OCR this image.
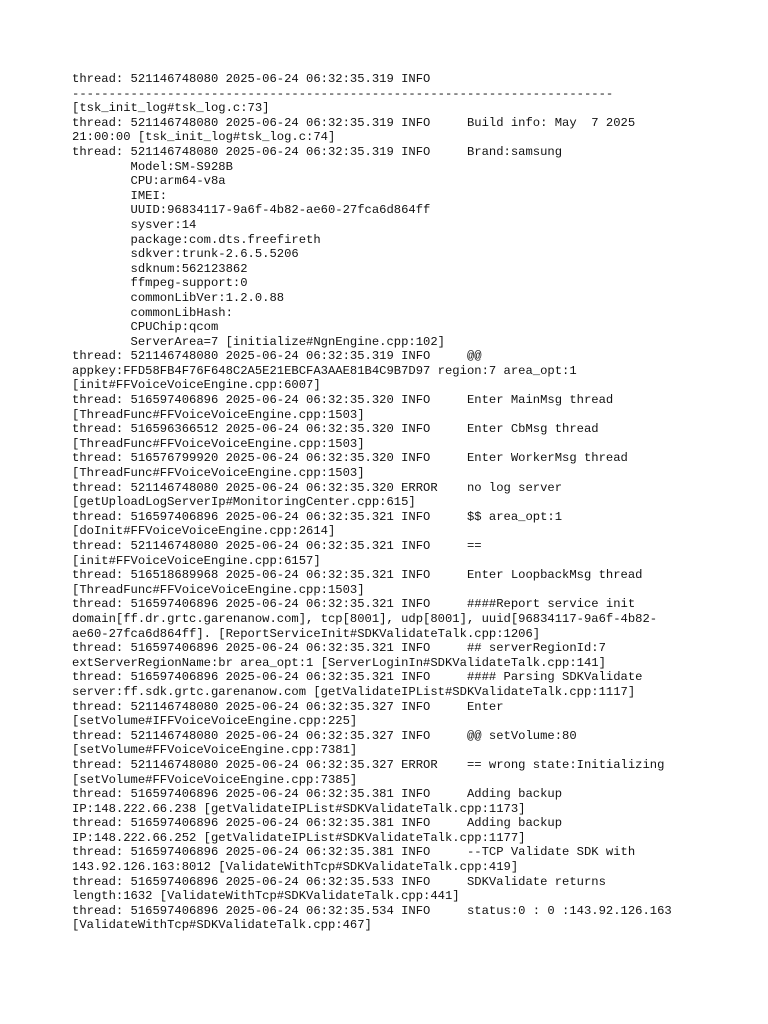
thread: 521146748080 2025-06-24 06:32:35.319 INFO
--------------------------------------------------------------------------
[tsk_init_log#tsk_log.c:73]
thread: 521146748080 2025-06-24 06:32:35.319 INFO     Build info: May  7 2025
21:00:00 [tsk_init_log#tsk_log.c:74]
thread: 521146748080 2025-06-24 06:32:35.319 INFO     Brand:samsung
Model:SM-S928B
CPU:arm64-v8a
IMEI:
UUID:96834117-9a6f-4b82-ae60-27fca6d864ff
sysver:14
package:com.dts.freefireth
sdkver:trunk-2.6.5.5206
sdknum:562123862
ffmpeg-support:0
commonLibVer:1.2.0.88
commonLibHash:
CPUChip:qcom
ServerArea=7 [initialize#NgnEngine.cpp:102]
thread: 521146748080 2025-06-24 06:32:35.319 INFO     @@
appkey:FFD58FB4F76F648C2A5E21EBCFA3AAE81B4C9B7D97 region:7 area_opt:1
[init#FFVoiceVoiceEngine.cpp:6007]
thread: 516597406896 2025-06-24 06:32:35.320 INFO     Enter MainMsg thread
[ThreadFunc#FFVoiceVoiceEngine.cpp:1503]
thread: 516596366512 2025-06-24 06:32:35.320 INFO     Enter CbMsg thread
[ThreadFunc#FFVoiceVoiceEngine.cpp:1503]
thread: 516576799920 2025-06-24 06:32:35.320 INFO     Enter WorkerMsg thread
[ThreadFunc#FFVoiceVoiceEngine.cpp:1503]
thread: 521146748080 2025-06-24 06:32:35.320 ERROR    no log server
[getUploadLogServerIp#MonitoringCenter.cpp:615]
thread: 516597406896 2025-06-24 06:32:35.321 INFO     $$ area_opt:1
[doInit#FFVoiceVoiceEngine.cpp:2614]
thread: 521146748080 2025-06-24 06:32:35.321 INFO     ==
[init#FFVoiceVoiceEngine.cpp:6157]
thread: 516518689968 2025-06-24 06:32:35.321 INFO     Enter LoopbackMsg thread
[ThreadFunc#FFVoiceVoiceEngine.cpp:1503]
thread: 516597406896 2025-06-24 06:32:35.321 INFO     ####Report service init
domain[ff.dr.grtc.garenanow.com], tcp[8001], udp[8001], uuid[96834117-9a6f-4b82-
ae60-27fca6d864ff]. [ReportServiceInit#SDKValidateTalk.cpp:1206]
thread: 516597406896 2025-06-24 06:32:35.321 INFO     ## serverRegionId:7
extServerRegionName:br area_opt:1 [ServerLoginIn#SDKValidateTalk.cpp:141]
thread: 516597406896 2025-06-24 06:32:35.321 INFO     #### Parsing SDKValidate
server:ff.sdk.grtc.garenanow.com [getValidateIPList#SDKValidateTalk.cpp:1117]
thread: 521146748080 2025-06-24 06:32:35.327 INFO     Enter
[setVolume#IFFVoiceVoiceEngine.cpp:225]
thread: 521146748080 2025-06-24 06:32:35.327 INFO     @@ setVolume:80
[setVolume#FFVoiceVoiceEngine.cpp:7381]
thread: 521146748080 2025-06-24 06:32:35.327 ERROR    == wrong state:Initializing
[setVolume#FFVoiceVoiceEngine.cpp:7385]
thread: 516597406896 2025-06-24 06:32:35.381 INFO     Adding backup
IP:148.222.66.238 [getValidateIPList#SDKValidateTalk.cpp:1173]
thread: 516597406896 2025-06-24 06:32:35.381 INFO     Adding backup
IP:148.222.66.252 [getValidateIPList#SDKValidateTalk.cpp:1177]
thread: 516597406896 2025-06-24 06:32:35.381 INFO     --TCP Validate SDK with
143.92.126.163:8012 [ValidateWithTcp#SDKValidateTalk.cpp:419]
thread: 516597406896 2025-06-24 06:32:35.533 INFO     SDKValidate returns
length:1632 [ValidateWithTcp#SDKValidateTalk.cpp:441]
thread: 516597406896 2025-06-24 06:32:35.534 INFO     status:0 : 0 :143.92.126.163
[ValidateWithTcp#SDKValidateTalk.cpp:467]
